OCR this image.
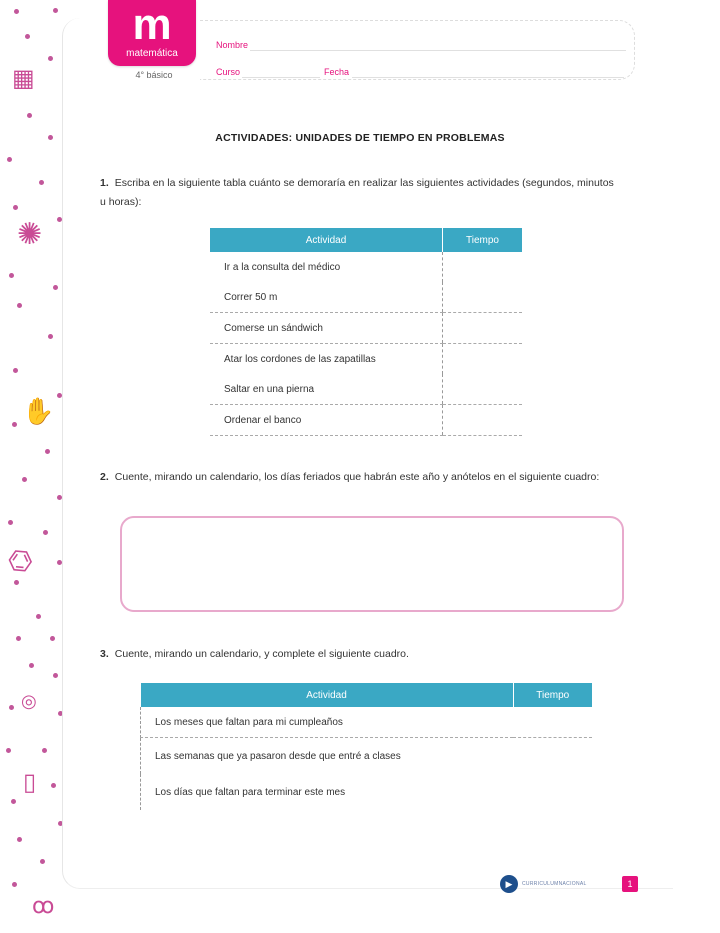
▦
✺
✋
⌬
◎
▯
ꝏ
m
matemática
4° básico
Nombre
Curso	Fecha
ACTIVIDADES: UNIDADES DE TIEMPO EN PROBLEMAS
1. Escriba en la siguiente tabla cuánto se demoraría en realizar las siguientes actividades (segundos, minutos u horas):
Actividad	Tiempo
Ir a la consulta del médico	
Correr 50 m	
Comerse un sándwich	
Atar los cordones de las zapatillas	
Saltar en una pierna	
Ordenar el banco	
2. Cuente, mirando un calendario, los días feriados que habrán este año y anótelos en el siguiente cuadro:
3. Cuente, mirando un calendario, y complete el siguiente cuadro.
Actividad	Tiempo
Los meses que faltan para mi cumpleaños	
Las semanas que ya pasaron desde que entré a clases	
Los días que faltan para terminar este mes	
▶	CURRICULUMNACIONAL	1
